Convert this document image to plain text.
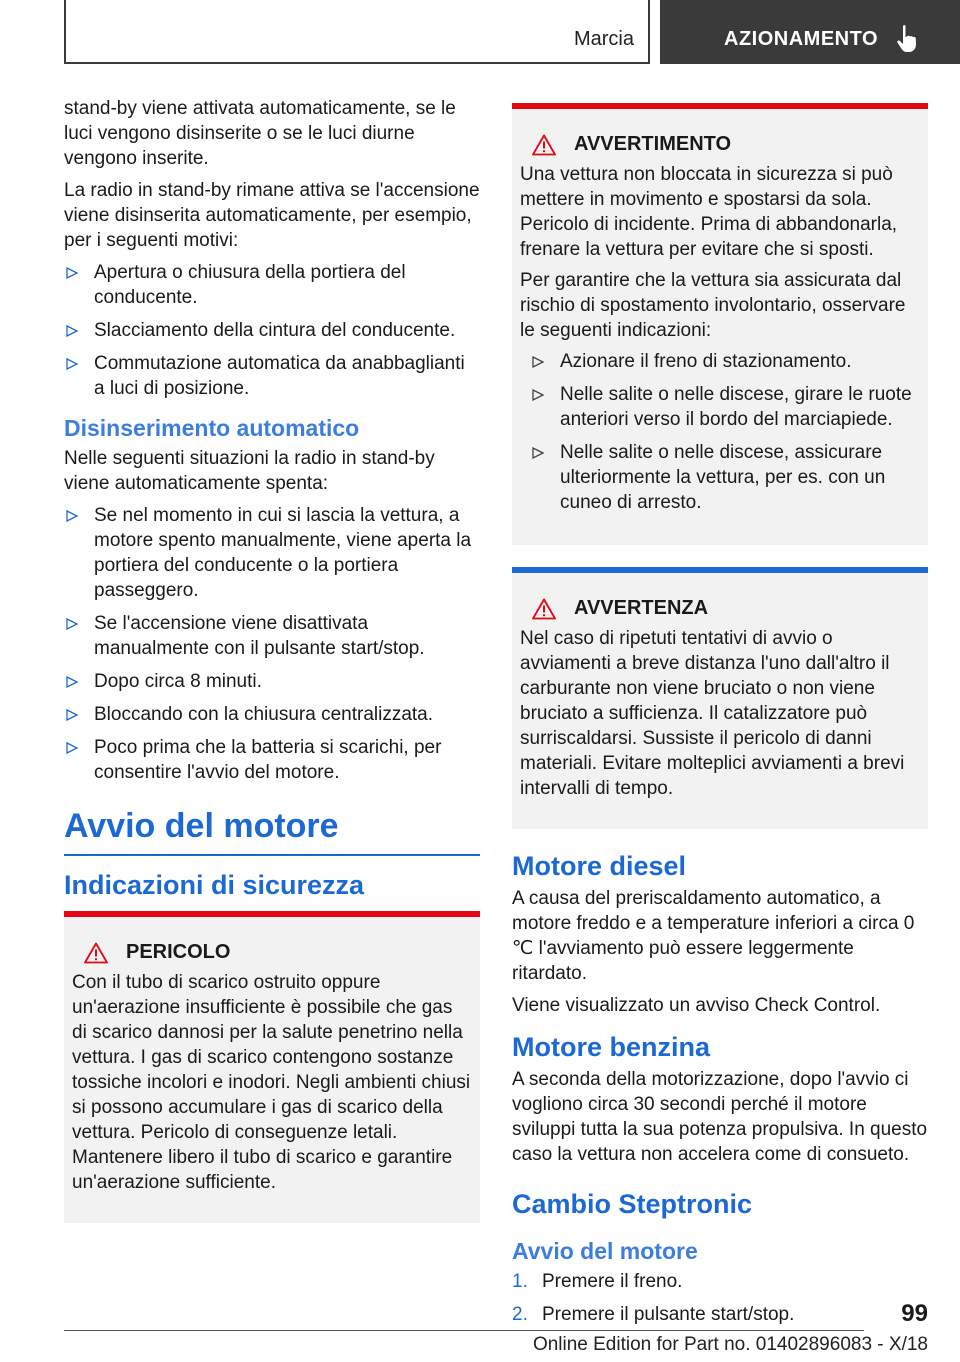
Marcia	AZIONAMENTO

stand-by viene attivata automaticamente, se le luci vengono disinserite o se le luci diurne vengono inserite.

La radio in stand-by rimane attiva se l'accensione viene disinserita automaticamente, per esempio, per i seguenti motivi:

Apertura o chiusura della portiera del conducente.
Slacciamento della cintura del conducente.
Commutazione automatica da anabbaglianti a luci di posizione.
Disinserimento automatico

Nelle seguenti situazioni la radio in stand-by viene automaticamente spenta:

Se nel momento in cui si lascia la vettura, a motore spento manualmente, viene aperta la portiera del conducente o la portiera passeggero.
Se l'accensione viene disattivata manualmente con il pulsante start/stop.
Dopo circa 8 minuti.
Bloccando con la chiusura centralizzata.
Poco prima che la batteria si scarichi, per consentire l'avvio del motore.
Avvio del motore
Indicazioni di sicurezza
PERICOLO

Con il tubo di scarico ostruito oppure un'aerazione insufficiente è possibile che gas di scarico dannosi per la salute penetrino nella vettura. I gas di scarico contengono sostanze tossiche incolori e inodori. Negli ambienti chiusi si possono accumulare i gas di scarico della vettura. Pericolo di conseguenze letali. Mantenere libero il tubo di scarico e garantire un'aerazione sufficiente.

AVVERTIMENTO

Una vettura non bloccata in sicurezza si può mettere in movimento e spostarsi da sola. Pericolo di incidente. Prima di abbandonarla, frenare la vettura per evitare che si sposti.

Per garantire che la vettura sia assicurata dal rischio di spostamento involontario, osservare le seguenti indicazioni:

Azionare il freno di stazionamento.
Nelle salite o nelle discese, girare le ruote anteriori verso il bordo del marciapiede.
Nelle salite o nelle discese, assicurare ulteriormente la vettura, per es. con un cuneo di arresto.
AVVERTENZA

Nel caso di ripetuti tentativi di avvio o avviamenti a breve distanza l'uno dall'altro il carburante non viene bruciato o non viene bruciato a sufficienza. Il catalizzatore può surriscaldarsi. Sussiste il pericolo di danni materiali. Evitare molteplici avviamenti a brevi intervalli di tempo.

Motore diesel

A causa del preriscaldamento automatico, a motore freddo e a temperature inferiori a circa 0 ℃ l'avviamento può essere leggermente ritardato.

Viene visualizzato un avviso Check Control.

Motore benzina

A seconda della motorizzazione, dopo l'avvio ci vogliono circa 30 secondi perché il motore sviluppi tutta la sua potenza propulsiva. In questo caso la vettura non accelera come di consueto.

Cambio Steptronic
Avvio del motore
1. Premere il freno.
2. Premere il pulsante start/stop.	99
Online Edition for Part no. 01402896083 - X/18
